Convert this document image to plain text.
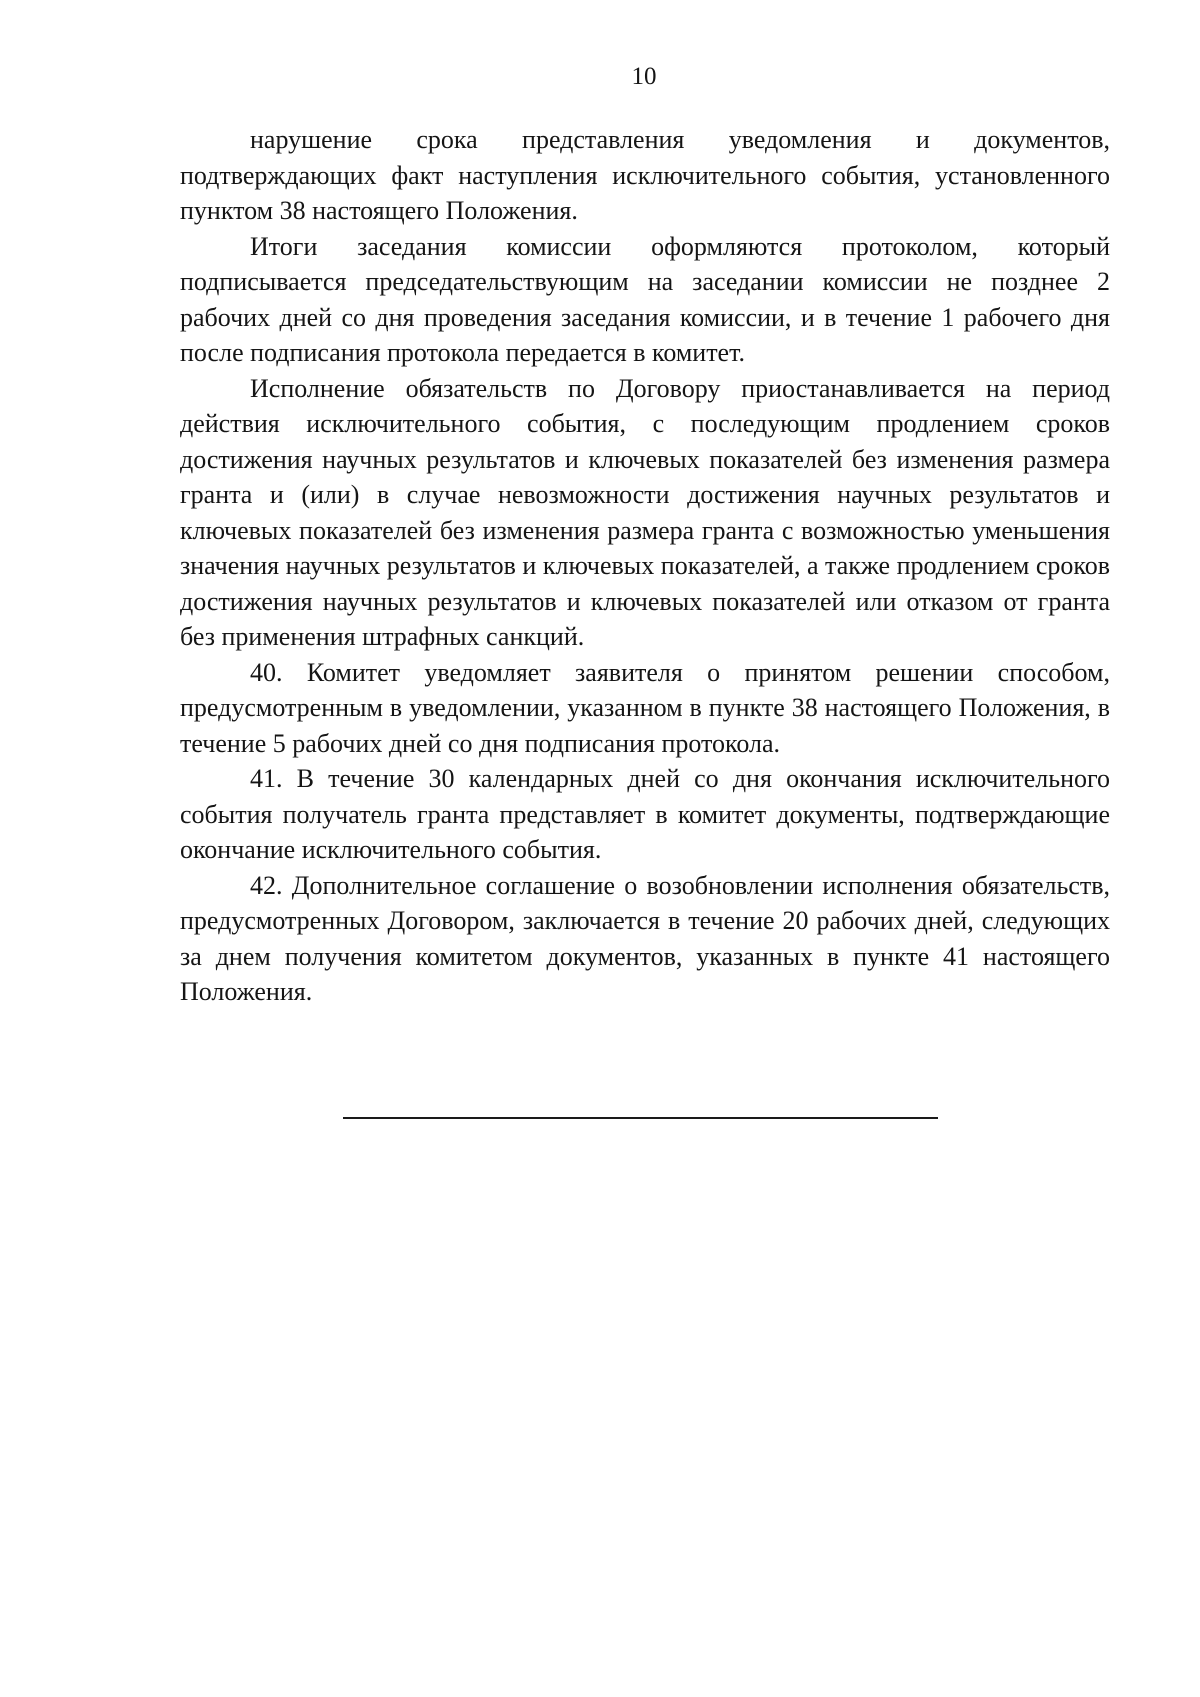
10

нарушение срока представления уведомления и документов, подтверждающих факт наступления исключительного события, установленного пунктом 38 настоящего Положения.

Итоги заседания комиссии оформляются протоколом, который подписывается председательствующим на заседании комиссии не позднее 2 рабочих дней со дня проведения заседания комиссии, и в течение 1 рабочего дня после подписания протокола передается в комитет.

Исполнение обязательств по Договору приостанавливается на период действия исключительного события, с последующим продлением сроков достижения научных результатов и ключевых показателей без изменения размера гранта и (или) в случае невозможности достижения научных результатов и ключевых показателей без изменения размера гранта с возможностью уменьшения значения научных результатов и ключевых показателей, а также продлением сроков достижения научных результатов и ключевых показателей или отказом от гранта без применения штрафных санкций.

40. Комитет уведомляет заявителя о принятом решении способом, предусмотренным в уведомлении, указанном в пункте 38 настоящего Положения, в течение 5 рабочих дней со дня подписания протокола.

41. В течение 30 календарных дней со дня окончания исключительного события получатель гранта представляет в комитет документы, подтверждающие окончание исключительного события.

42. Дополнительное соглашение о возобновлении исполнения обязательств, предусмотренных Договором, заключается в течение 20 рабочих дней, следующих за днем получения комитетом документов, указанных в пункте 41 настоящего Положения.
